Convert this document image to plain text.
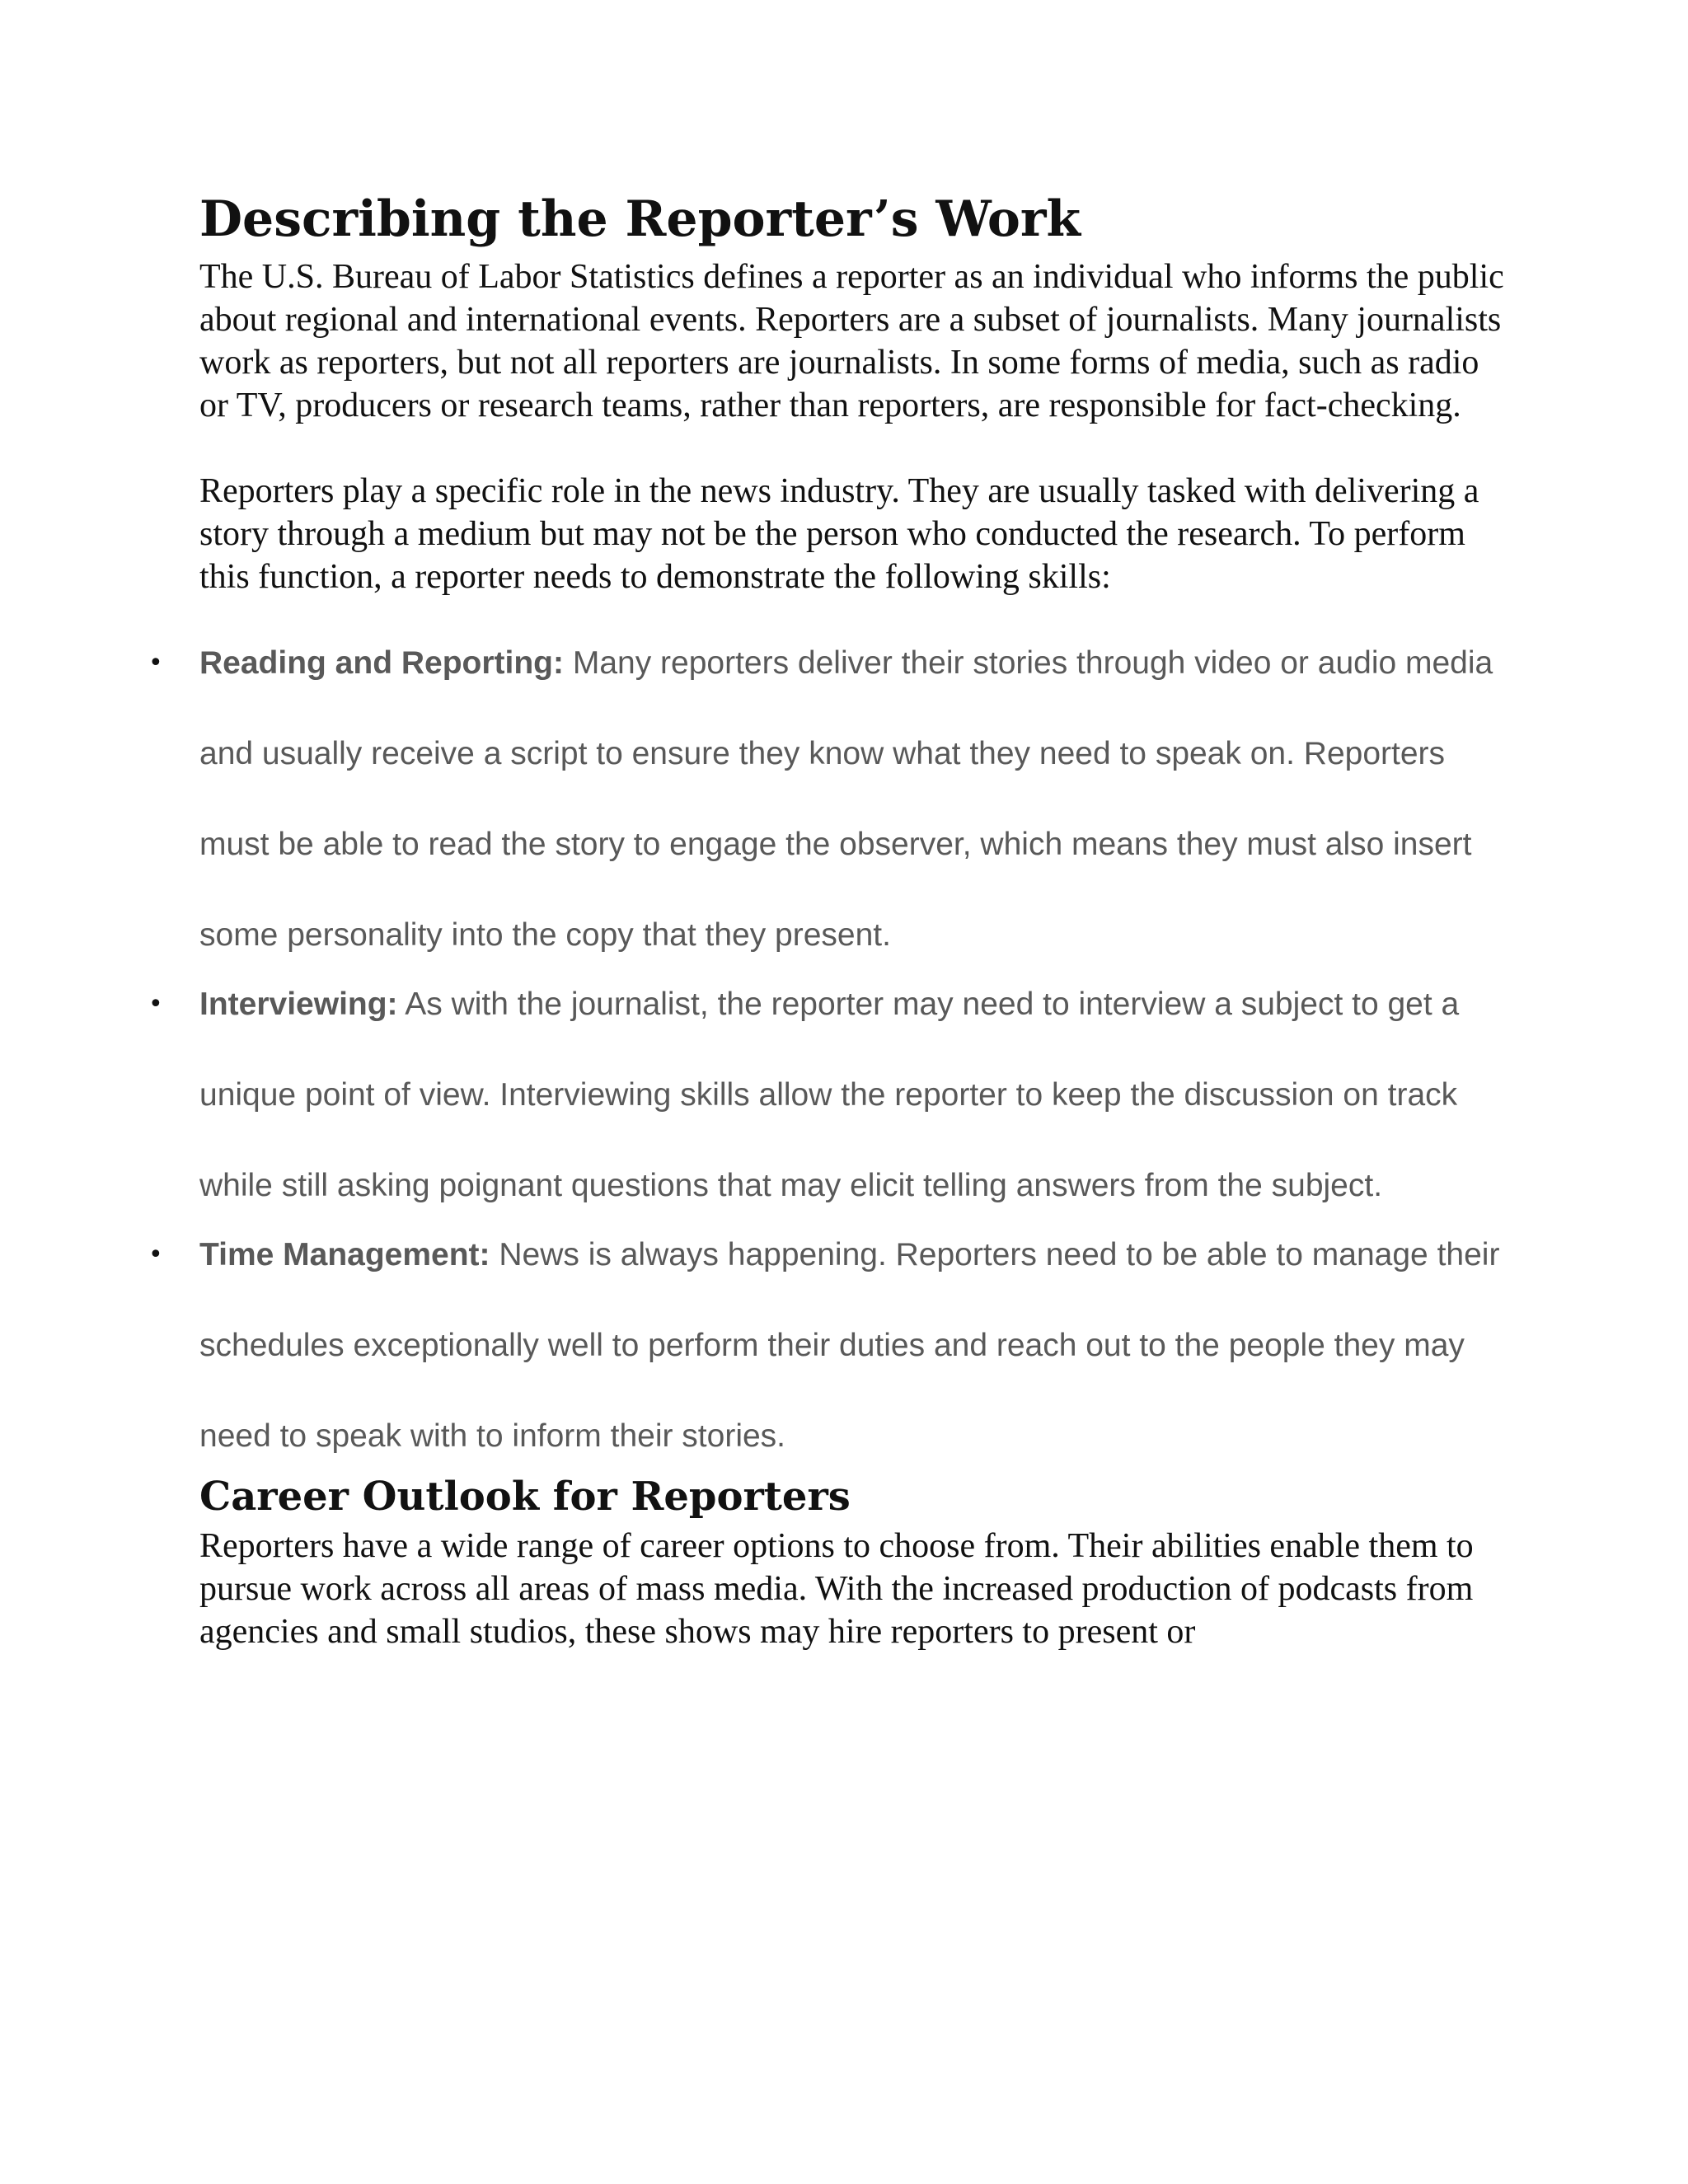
Describing the Reporter’s Work

The U.S. Bureau of Labor Statistics defines a reporter as an individual who informs the public about regional and international events. Reporters are a subset of journalists. Many journalists work as reporters, but not all reporters are journalists. In some forms of media, such as radio or TV, producers or research teams, rather than reporters, are responsible for fact-checking.

Reporters play a specific role in the news industry. They are usually tasked with delivering a story through a medium but may not be the person who conducted the research. To perform this function, a reporter needs to demonstrate the following skills:

• Reading and Reporting: Many reporters deliver their stories through video or audio media and usually receive a script to ensure they know what they need to speak on. Reporters must be able to read the story to engage the observer, which means they must also insert some personality into the copy that they present.
• Interviewing: As with the journalist, the reporter may need to interview a subject to get a unique point of view. Interviewing skills allow the reporter to keep the discussion on track while still asking poignant questions that may elicit telling answers from the subject.
• Time Management: News is always happening. Reporters need to be able to manage their schedules exceptionally well to perform their duties and reach out to the people they may need to speak with to inform their stories.
Career Outlook for Reporters

Reporters have a wide range of career options to choose from. Their abilities enable them to pursue work across all areas of mass media. With the increased production of podcasts from agencies and small studios, these shows may hire reporters to present or
